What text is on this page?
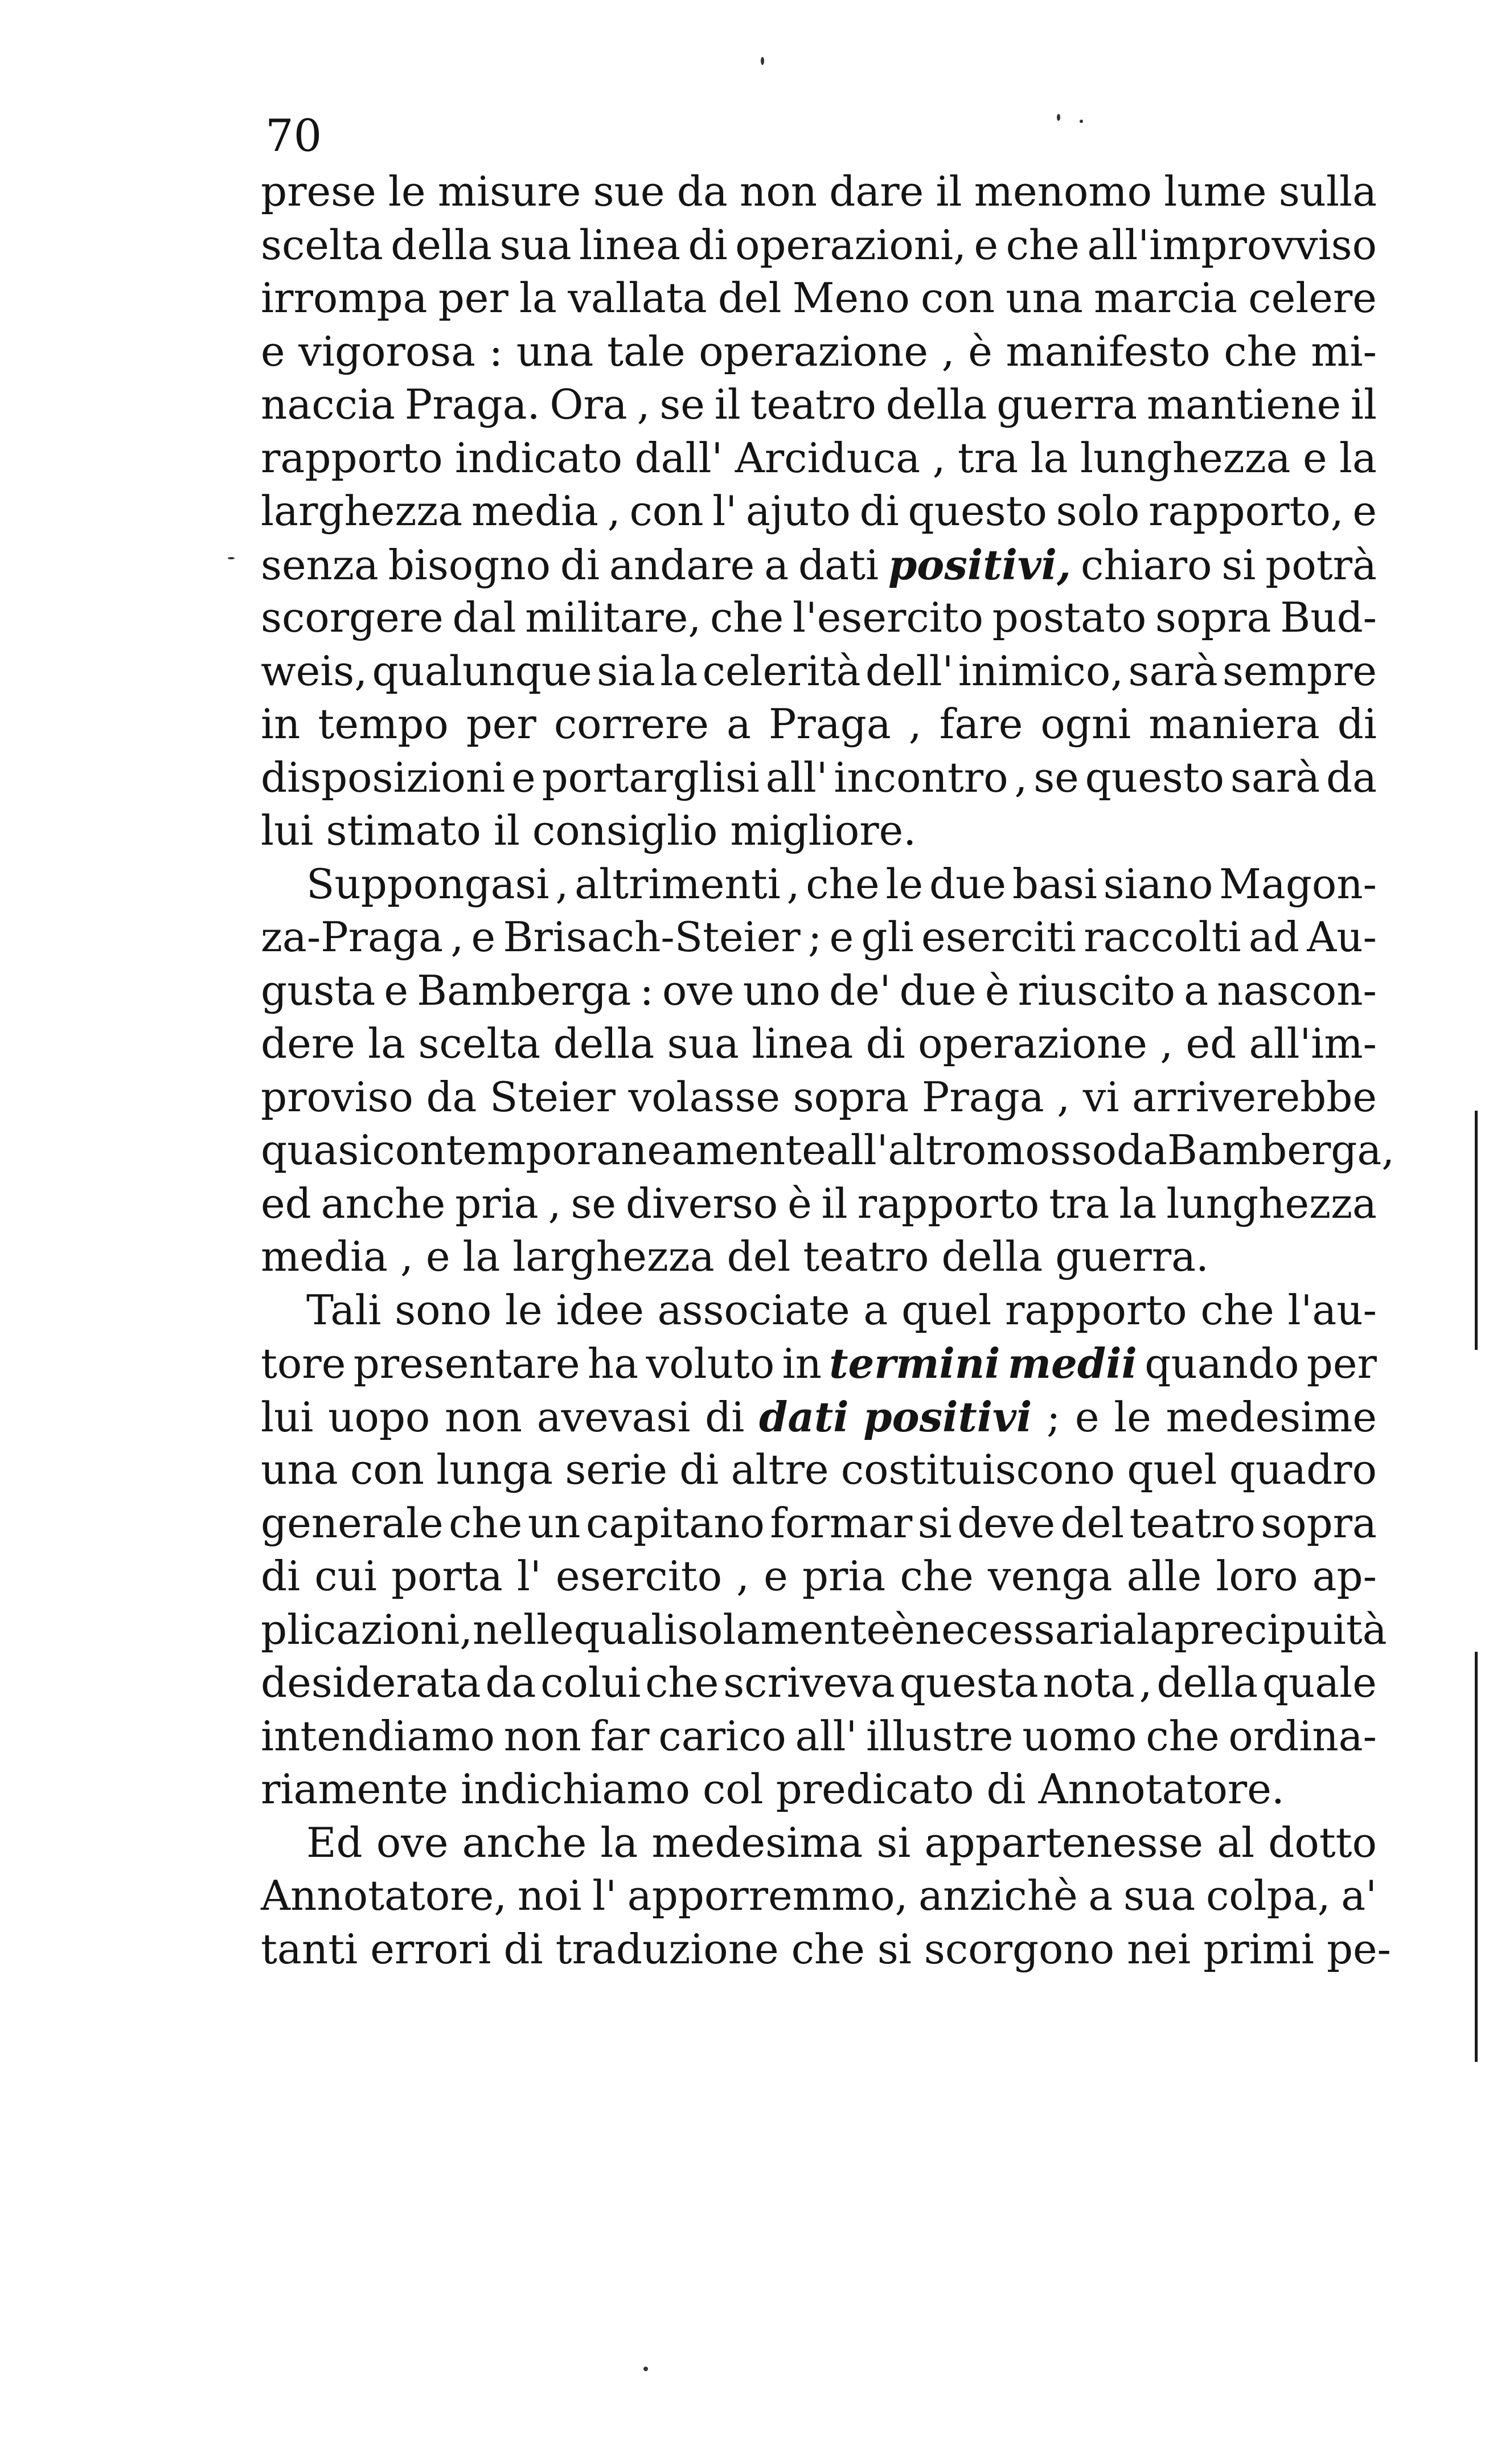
70
prese le misure sue da non dare il menomo lume sulla
scelta della sua linea di operazioni, e che all'improvviso
irrompa per la vallata del Meno con una marcia celere
e vigorosa : una tale operazione , è manifesto che mi-
naccia Praga. Ora , se il teatro della guerra mantiene il
rapporto indicato dall' Arciduca , tra la lunghezza e la
larghezza media , con l' ajuto di questo solo rapporto, e
senza bisogno di andare a dati positivi, chiaro si potrà
scorgere dal militare, che l'esercito postato sopra Bud-
weis, qualunque sia la celerità dell' inimico, sarà sempre
in tempo per correre a Praga , fare ogni maniera di
disposizioni e portarglisi all' incontro , se questo sarà da
lui stimato il consiglio migliore.
Suppongasi , altrimenti , che le due basi siano Magon-
za-Praga , e Brisach-Steier ; e gli eserciti raccolti ad Au-
gusta e Bamberga : ove uno de' due è riuscito a nascon-
dere la scelta della sua linea di operazione , ed all'im-
proviso da Steier volasse sopra Praga , vi arriverebbe
quasi contemporaneamente all' altro mosso da Bamberga,
ed anche pria , se diverso è il rapporto tra la lunghezza
media , e la larghezza del teatro della guerra.
Tali sono le idee associate a quel rapporto che l'au-
tore presentare ha voluto in termini medii quando per
lui uopo non avevasi di dati positivi ; e le medesime
una con lunga serie di altre costituiscono quel quadro
generale che un capitano formar si deve del teatro sopra
di cui porta l' esercito , e pria che venga alle loro ap-
plicazioni, nelle quali solamente è necessaria la precipuità
desiderata da colui che scriveva questa nota , della quale
intendiamo non far carico all' illustre uomo che ordina-
riamente indichiamo col predicato di Annotatore.
Ed ove anche la medesima si appartenesse al dotto
Annotatore, noi l' apporremmo, anzichè a sua colpa, a'
tanti errori di traduzione che si scorgono nei primi pe-
